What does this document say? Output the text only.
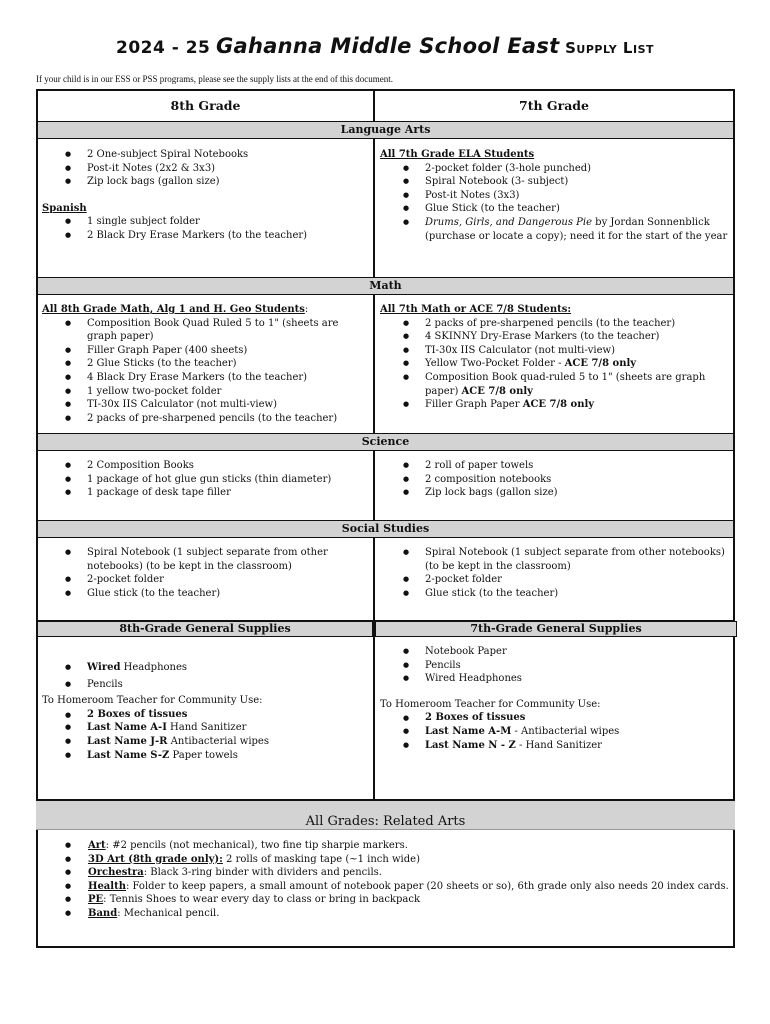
2024 - 25 Gahanna Middle School East Supply List
If your child is in our ESS or PSS programs, please see the supply lists at the end of this document.
8th Grade	7th Grade
Language Arts
● 2 One-subject Spiral Notebooks
● Post-it Notes (2x2 & 3x3)
● Zip lock bags (gallon size)
Spanish
● 1 single subject folder
● 2 Black Dry Erase Markers (to the teacher)
All 7th Grade ELA Students
● 2-pocket folder (3-hole punched)
● Spiral Notebook (3- subject)
● Post-it Notes (3x3)
● Glue Stick (to the teacher)
● Drums, Girls, and Dangerous Pie by Jordan Sonnenblick (purchase or locate a copy); need it for the start of the year
Math
All 8th Grade Math, Alg 1 and H. Geo Students:
● Composition Book Quad Ruled 5 to 1" (sheets are graph paper)
● Filler Graph Paper (400 sheets)
● 2 Glue Sticks (to the teacher)
● 4 Black Dry Erase Markers (to the teacher)
● 1 yellow two-pocket folder
● TI-30x IIS Calculator (not multi-view)
● 2 packs of pre-sharpened pencils (to the teacher)
All 7th Math or ACE 7/8 Students:
● 2 packs of pre-sharpened pencils (to the teacher)
● 4 SKINNY Dry-Erase Markers (to the teacher)
● TI-30x IIS Calculator (not multi-view)
● Yellow Two-Pocket Folder - ACE 7/8 only
● Composition Book quad-ruled 5 to 1" (sheets are graph paper) ACE 7/8 only
● Filler Graph Paper ACE 7/8 only
Science
● 2 Composition Books
● 1 package of hot glue gun sticks (thin diameter)
● 1 package of desk tape filler
● 2 roll of paper towels
● 2 composition notebooks
● Zip lock bags (gallon size)
Social Studies
● Spiral Notebook (1 subject separate from other notebooks) (to be kept in the classroom)
● 2-pocket folder
● Glue stick (to the teacher)
● Spiral Notebook (1 subject separate from other notebooks) (to be kept in the classroom)
● 2-pocket folder
● Glue stick (to the teacher)
8th-Grade General Supplies	7th-Grade General Supplies
● Wired Headphones
● Pencils
To Homeroom Teacher for Community Use:
● 2 Boxes of tissues
● Last Name A-I Hand Sanitizer
● Last Name J-R Antibacterial wipes
● Last Name S-Z Paper towels
● Notebook Paper
● Pencils
● Wired Headphones
To Homeroom Teacher for Community Use:
● 2 Boxes of tissues
● Last Name A-M - Antibacterial wipes
● Last Name N - Z - Hand Sanitizer
All Grades: Related Arts
● Art: #2 pencils (not mechanical), two fine tip sharpie markers.
● 3D Art (8th grade only): 2 rolls of masking tape (~1 inch wide)
● Orchestra: Black 3-ring binder with dividers and pencils.
● Health: Folder to keep papers, a small amount of notebook paper (20 sheets or so), 6th grade only also needs 20 index cards.
● PE: Tennis Shoes to wear every day to class or bring in backpack
● Band: Mechanical pencil.
